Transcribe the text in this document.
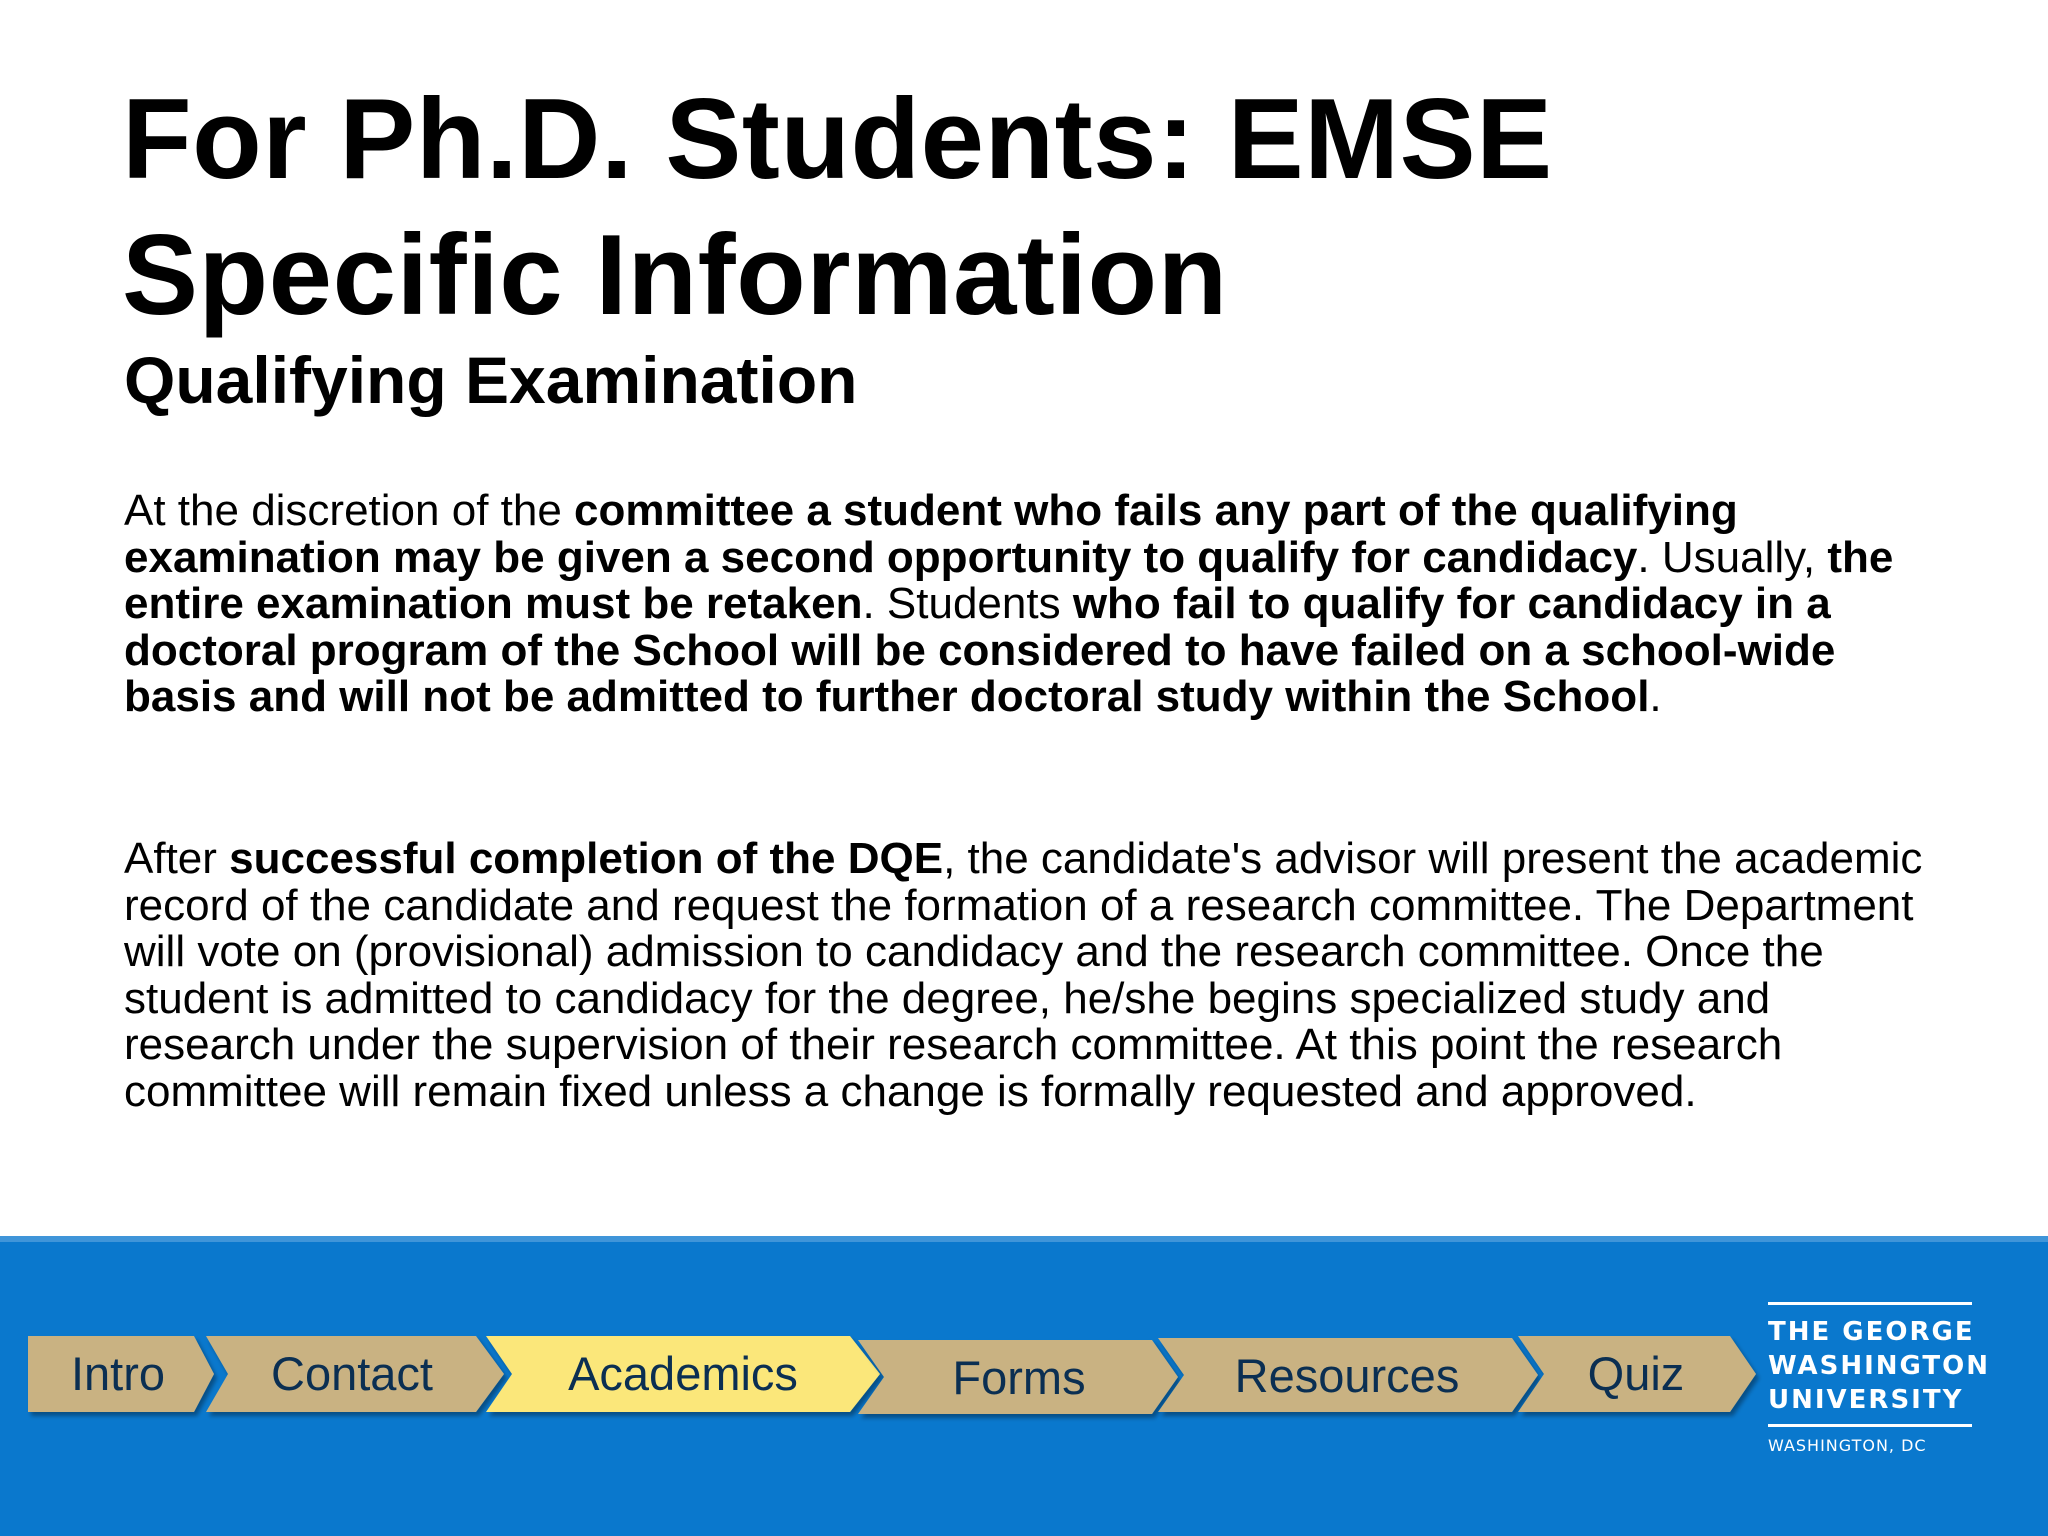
For Ph.D. Students: EMSE
Specific Information
Qualifying Examination

At the discretion of the committee a student who fails any part of the qualifying examination may be given a second opportunity to qualify for candidacy. Usually, the entire examination must be retaken. Students who fail to qualify for candidacy in a doctoral program of the School will be considered to have failed on a school-wide basis and will not be admitted to further doctoral study within the School.

After successful completion of the DQE, the candidate's advisor will present the academic record of the candidate and request the formation of a research committee. The Department will vote on (provisional) admission to candidacy and the research committee. Once the student is admitted to candidacy for the degree, he/she begins specialized study and research under the supervision of their research committee. At this point the research committee will remain fixed unless a change is formally requested and approved.

Intro	Contact	Academics	Forms	Resources	Quiz
THE GEORGE
WASHINGTON
UNIVERSITY
WASHINGTON, DC
